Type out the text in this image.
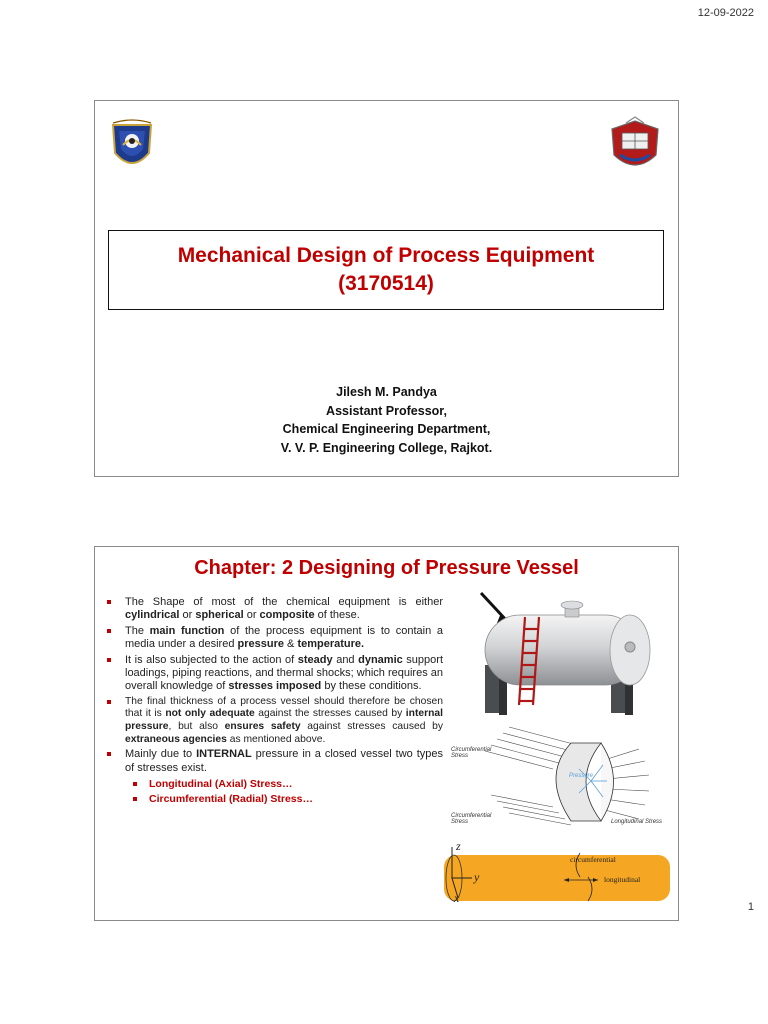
12-09-2022
Mechanical Design of Process Equipment
(3170514)
Jilesh M. Pandya
Assistant Professor,
Chemical Engineering Department,
V. V. P. Engineering College, Rajkot.
Chapter: 2 Designing of Pressure Vessel
The Shape of most of the chemical equipment is either cylindrical or spherical or composite of these.
The main function of the process equipment is to contain a media under a desired pressure & temperature.
It is also subjected to the action of steady and dynamic support loadings, piping reactions, and thermal shocks; which requires an overall knowledge of stresses imposed by these conditions.
The final thickness of a process vessel should therefore be chosen that it is not only adequate against the stresses caused by internal pressure, but also ensures safety against stresses caused by extraneous agencies as mentioned above.
Mainly due to INTERNAL pressure in a closed vessel two types of stresses exist.
Longitudinal (Axial) Stress…
Circumferential (Radial) Stress…
Pressure
Circumferential Stress
Circumferential Stress	Longitudinal Stress
circumferential
longitudinal
z
y
x
1
